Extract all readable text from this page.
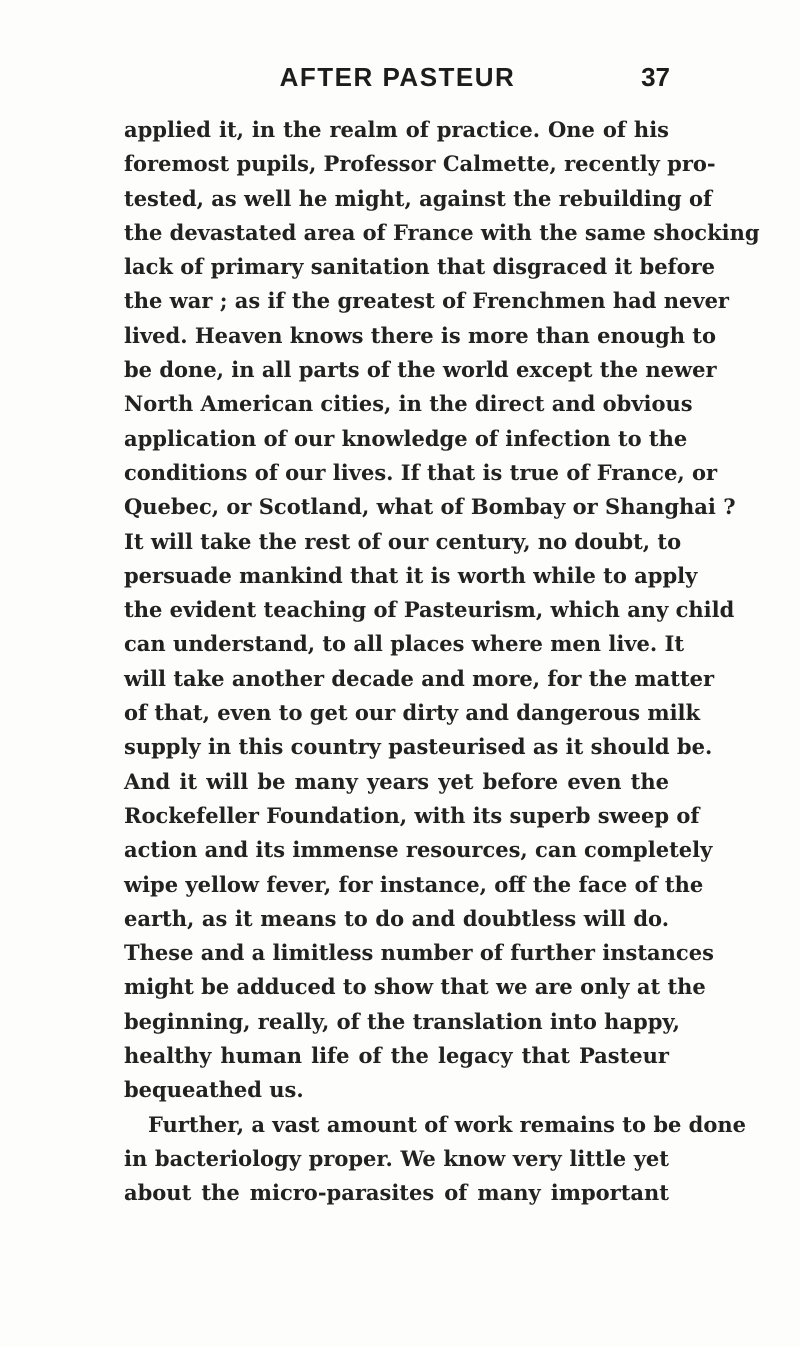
AFTER PASTEUR	37
applied it, in the realm of practice. One of his
foremost pupils, Professor Calmette, recently pro-
tested, as well he might, against the rebuilding of
the devastated area of France with the same shocking
lack of primary sanitation that disgraced it before
the war ; as if the greatest of Frenchmen had never
lived. Heaven knows there is more than enough to
be done, in all parts of the world except the newer
North American cities, in the direct and obvious
application of our knowledge of infection to the
conditions of our lives. If that is true of France, or
Quebec, or Scotland, what of Bombay or Shanghai ?
It will take the rest of our century, no doubt, to
persuade mankind that it is worth while to apply
the evident teaching of Pasteurism, which any child
can understand, to all places where men live. It
will take another decade and more, for the matter
of that, even to get our dirty and dangerous milk
supply in this country pasteurised as it should be.
And it will be many years yet before even the
Rockefeller Foundation, with its superb sweep of
action and its immense resources, can completely
wipe yellow fever, for instance, off the face of the
earth, as it means to do and doubtless will do.
These and a limitless number of further instances
might be adduced to show that we are only at the
beginning, really, of the translation into happy,
healthy human life of the legacy that Pasteur
bequeathed us.
Further, a vast amount of work remains to be done
in bacteriology proper. We know very little yet
about the micro-parasites of many important
